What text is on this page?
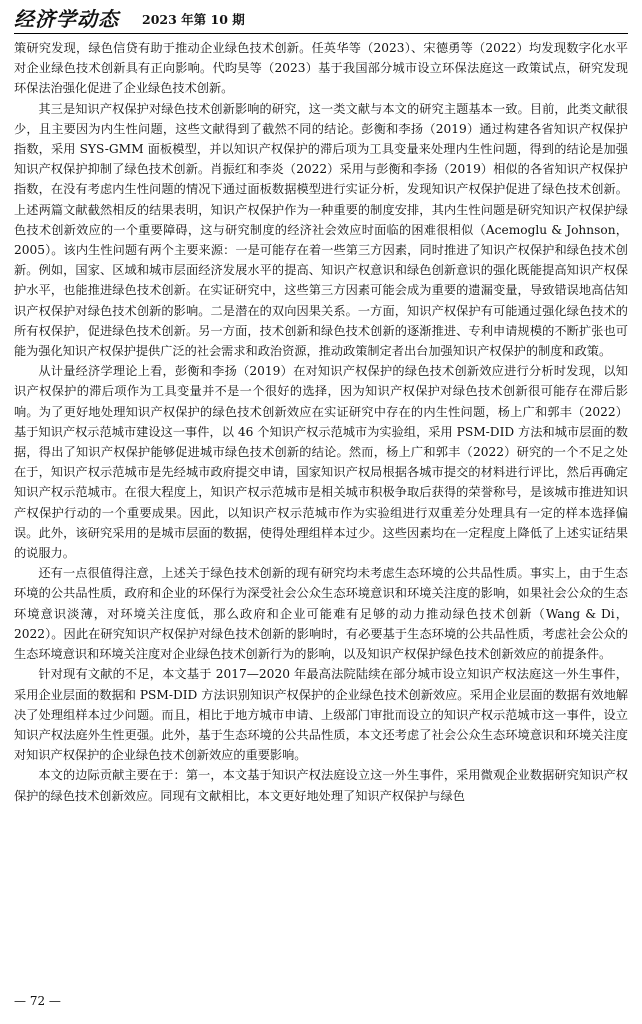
经济学动态 2023 年第 10 期

策研究发现，绿色信贷有助于推动企业绿色技术创新。任英华等（2023）、宋德勇等（2022）均发现数字化水平对企业绿色技术创新具有正向影响。代昀昊等（2023）基于我国部分城市设立环保法庭这一政策试点，研究发现环保法治强化促进了企业绿色技术创新。

其三是知识产权保护对绿色技术创新影响的研究，这一类文献与本文的研究主题基本一致。目前，此类文献很少，且主要因为内生性问题，这些文献得到了截然不同的结论。彭衡和李扬（2019）通过构建各省知识产权保护指数，采用 SYS-GMM 面板模型，并以知识产权保护的滞后项为工具变量来处理内生性问题，得到的结论是加强知识产权保护抑制了绿色技术创新。肖振红和李炎（2022）采用与彭衡和李扬（2019）相似的各省知识产权保护指数，在没有考虑内生性问题的情况下通过面板数据模型进行实证分析，发现知识产权保护促进了绿色技术创新。上述两篇文献截然相反的结果表明，知识产权保护作为一种重要的制度安排，其内生性问题是研究知识产权保护绿色技术创新效应的一个重要障碍，这与研究制度的经济社会效应时面临的困难很相似（Acemoglu & Johnson，2005）。该内生性问题有两个主要来源：一是可能存在着一些第三方因素，同时推进了知识产权保护和绿色技术创新。例如，国家、区域和城市层面经济发展水平的提高、知识产权意识和绿色创新意识的强化既能提高知识产权保护水平，也能推进绿色技术创新。在实证研究中，这些第三方因素可能会成为重要的遗漏变量，导致错误地高估知识产权保护对绿色技术创新的影响。二是潜在的双向因果关系。一方面，知识产权保护有可能通过强化绿色技术的所有权保护，促进绿色技术创新。另一方面，技术创新和绿色技术创新的逐渐推进、专利申请规模的不断扩张也可能为强化知识产权保护提供广泛的社会需求和政治资源，推动政策制定者出台加强知识产权保护的制度和政策。

从计量经济学理论上看，彭衡和李扬（2019）在对知识产权保护的绿色技术创新效应进行分析时发现，以知识产权保护的滞后项作为工具变量并不是一个很好的选择，因为知识产权保护对绿色技术创新很可能存在滞后影响。为了更好地处理知识产权保护的绿色技术创新效应在实证研究中存在的内生性问题，杨上广和郭丰（2022）基于知识产权示范城市建设这一事件，以 46 个知识产权示范城市为实验组，采用 PSM-DID 方法和城市层面的数据，得出了知识产权保护能够促进城市绿色技术创新的结论。然而，杨上广和郭丰（2022）研究的一个不足之处在于，知识产权示范城市是先经城市政府提交申请，国家知识产权局根据各城市提交的材料进行评比，然后再确定知识产权示范城市。在很大程度上，知识产权示范城市是相关城市积极争取后获得的荣誉称号，是该城市推进知识产权保护行动的一个重要成果。因此，以知识产权示范城市作为实验组进行双重差分处理具有一定的样本选择偏误。此外，该研究采用的是城市层面的数据，使得处理组样本过少。这些因素均在一定程度上降低了上述实证结果的说服力。

还有一点很值得注意，上述关于绿色技术创新的现有研究均未考虑生态环境的公共品性质。事实上，由于生态环境的公共品性质，政府和企业的环保行为深受社会公众生态环境意识和环境关注度的影响，如果社会公众的生态环境意识淡薄，对环境关注度低，那么政府和企业可能难有足够的动力推动绿色技术创新（Wang & Di，2022）。因此在研究知识产权保护对绿色技术创新的影响时，有必要基于生态环境的公共品性质，考虑社会公众的生态环境意识和环境关注度对企业绿色技术创新行为的影响，以及知识产权保护绿色技术创新效应的前提条件。

针对现有文献的不足，本文基于 2017—2020 年最高法院陆续在部分城市设立知识产权法庭这一外生事件，采用企业层面的数据和 PSM-DID 方法识别知识产权保护的企业绿色技术创新效应。采用企业层面的数据有效地解决了处理组样本过少问题。而且，相比于地方城市申请、上级部门审批而设立的知识产权示范城市这一事件，设立知识产权法庭外生性更强。此外，基于生态环境的公共品性质，本文还考虑了社会公众生态环境意识和环境关注度对知识产权保护的企业绿色技术创新效应的重要影响。

本文的边际贡献主要在于：第一，本文基于知识产权法庭设立这一外生事件，采用微观企业数据研究知识产权保护的绿色技术创新效应。同现有文献相比，本文更好地处理了知识产权保护与绿色

— 72 —
